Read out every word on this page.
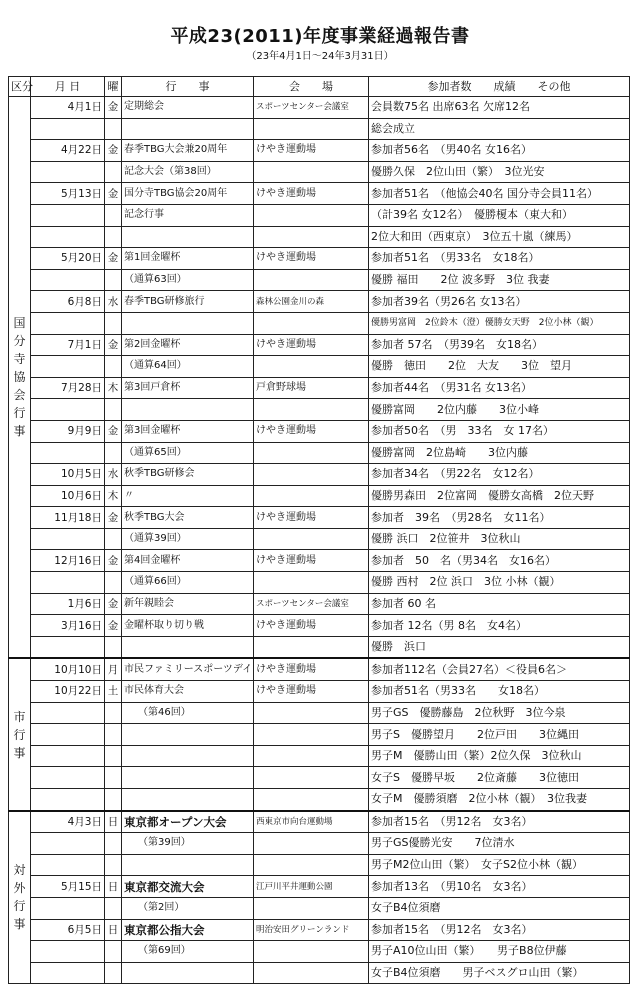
平成23(2011)年度事業経過報告書
（23年4月1日～24年3月31日）
区分	月 日	曜	行　　事	会　　場	参加者数　　成績　　その他
国分寺協会行事	4月1日	金	定期総会	スポーツセンター会議室	会員数75名 出席63名 欠席12名
					総会成立
	4月22日	金	春季TBG大会兼20周年	けやき運動場	参加者56名　（男40名 女16名）
			記念大会（第38回）		優勝久保　2位山田（繁）　3位光安
	5月13日	金	国分寺TBG協会20周年	けやき運動場	参加者51名　（他協会40名 国分寺会員11名）
			記念行事		（計39名 女12名）　優勝榎本（東大和）
					2位大和田（西東京）　3位五十嵐（練馬）
	5月20日	金	第1回金曜杯	けやき運動場	参加者51名　（男33名　女18名）
			（通算63回）		優勝 福田　　2位 波多野　3位 我妻
	6月8日	水	春季TBG研修旅行	森林公園金川の森	参加者39名（男26名 女13名）
					優勝男富岡　2位鈴木（澄）優勝女天野　2位小林（観）
	7月1日	金	第2回金曜杯	けやき運動場	参加者 57名　（男39名　女18名）
			（通算64回）		優勝　徳田　　2位　大友　　3位　望月
	7月28日	木	第3回戸倉杯	戸倉野球場	参加者44名　（男31名 女13名）
					優勝富岡　　2位内藤　　3位小峰
	9月9日	金	第3回金曜杯	けやき運動場	参加者50名　（男　33名　女 17名）
			（通算65回）		優勝富岡　2位島崎　　3位内藤
	10月5日	水	秋季TBG研修会		参加者34名　（男22名　女12名）
	10月6日	木	〃		優勝男森田　2位富岡　優勝女高橋　2位天野
	11月18日	金	秋季TBG大会	けやき運動場	参加者　39名　（男28名　女11名）
			（通算39回）		優勝 浜口　2位笹井　3位秋山
	12月16日	金	第4回金曜杯	けやき運動場	参加者　50　名（男34名　女16名）
			（通算66回）		優勝 西村　2位 浜口　3位 小林（観）
	1月6日	金	新年親睦会	スポーツセンター会議室	参加者 60 名
	3月16日	金	金曜杯取り切り戦	けやき運動場	参加者 12名（男 8名　女4名）
					優勝　浜口
市行事	10月10日	月	市民ファミリースポーツデイ	けやき運動場	参加者112名（会員27名）＜役員6名＞
	10月22日	土	市民体育大会	けやき運動場	参加者51名（男33名　　女18名）
			（第46回）		男子GS　優勝藤島　2位秋野　3位今泉
					男子S　優勝望月　　2位戸田　　3位縄田
					男子M　優勝山田（繁）2位久保　3位秋山
					女子S　優勝早坂　　2位斎藤　　3位徳田
					女子M　優勝須磨　2位小林（観）　3位我妻
対外行事	4月3日	日	東京都オープン大会	西東京市向台運動場	参加者15名　（男12名　女3名）
			（第39回）		男子GS優勝光安　　7位清水
					男子M2位山田（繁）　女子S2位小林（観）
	5月15日	日	東京都交流大会	江戸川平井運動公園	参加者13名　（男10名　女3名）
			（第2回）		女子B4位須磨
	6月5日	日	東京都公指大会	明治安田グリーンランド	参加者15名　（男12名　女3名）
			（第69回）		男子A10位山田（繁）　　男子B8位伊藤
					女子B4位須磨　　男子ベスグロ山田（繁）
